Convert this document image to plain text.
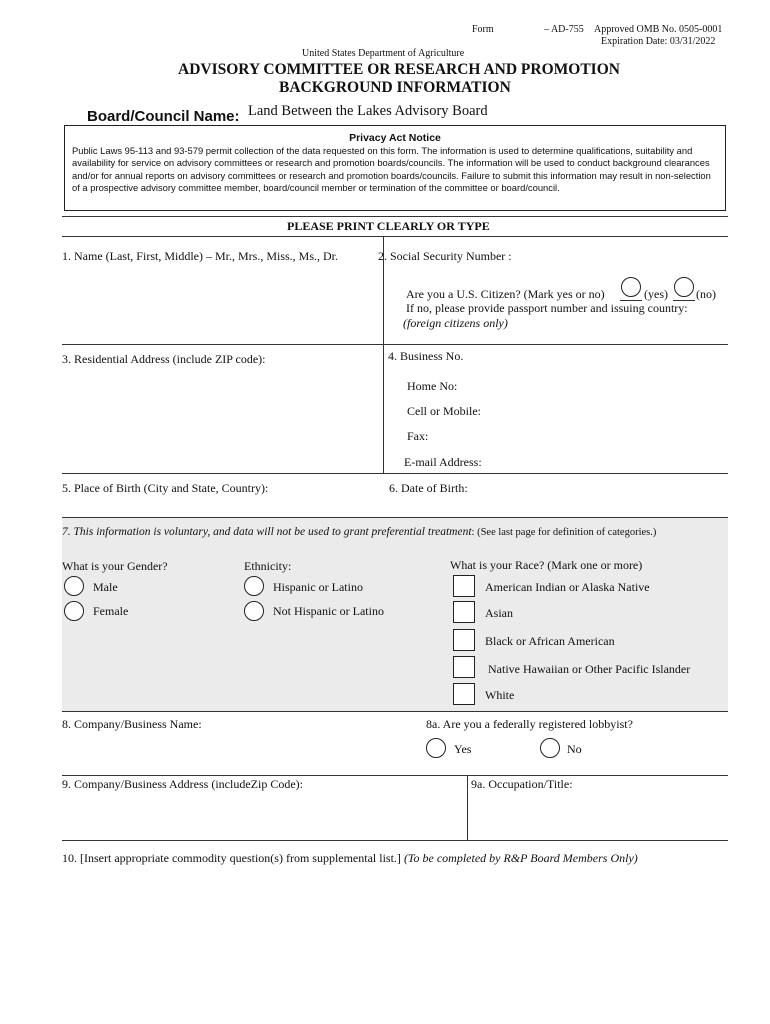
Form	– AD-755 Approved OMB No. 0505-0001
Expiration Date: 03/31/2022
United States Department of Agriculture
ADVISORY COMMITTEE OR RESEARCH AND PROMOTION
BACKGROUND INFORMATION
Board/Council Name: Land Between the Lakes Advisory Board
Privacy Act Notice
Public Laws 95-113 and 93-579 permit collection of the data requested on this form. The information is used to determine qualifications, suitability and availability for service on advisory committees or research and promotion boards/councils. The information will be used to conduct background clearances and/or for annual reports on advisory committees or research and promotion boards/councils. Failure to submit this information may result in non-selection of a prospective advisory committee member, board/council member or termination of the committee or board/council.
PLEASE PRINT CLEARLY OR TYPE
1. Name (Last, First, Middle) – Mr., Mrs., Miss., Ms., Dr.	2. Social Security Number :
Are you a U.S. Citizen? (Mark yes or no)	(yes) (no)
If no, please provide passport number and issuing country:
(foreign citizens only)
3. Residential Address (include ZIP code):	4. Business No.
Home No:
Cell or Mobile:
Fax:
E-mail Address:
5. Place of Birth (City and State, Country):	6. Date of Birth:
7. This information is voluntary, and data will not be used to grant preferential treatment: (See last page for definition of categories.)
What is your Gender?
Male
Female
Ethnicity:
Hispanic or Latino
Not Hispanic or Latino
What is your Race? (Mark one or more)
American Indian or Alaska Native
Asian
Black or African American
Native Hawaiian or Other Pacific Islander
White
8. Company/Business Name:	8a. Are you a federally registered lobbyist?
Yes	No
9. Company/Business Address (includeZip Code):	9a. Occupation/Title:
10. [Insert appropriate commodity question(s) from supplemental list.] (To be completed by R&P Board Members Only)
